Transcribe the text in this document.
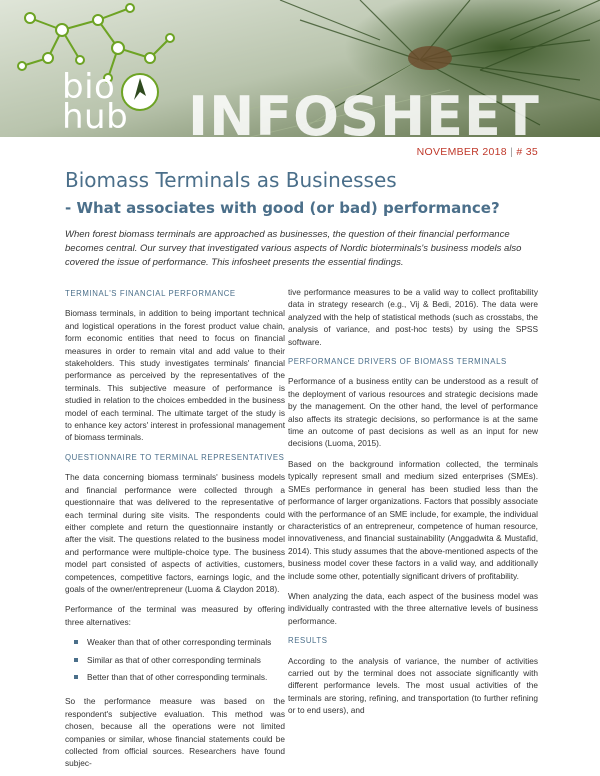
bio
hub INFOSHEET
NOVEMBER 2018 | # 35
Biomass Terminals as Businesses
- What associates with good (or bad) performance?

When forest biomass terminals are approached as businesses, the question of their financial performance becomes central. Our survey that investigated various aspects of Nordic bioterminals's business models also covered the issue of performance. This infosheet presents the essential findings.

TERMINAL'S FINANCIAL PERFORMANCE

Biomass terminals, in addition to being important technical and logistical operations in the forest product value chain, form economic entities that need to focus on financial measures in order to remain vital and add value to their stakeholders. This study investigates terminals' financial performance as perceived by the representatives of the terminals. This subjective measure of performance is studied in relation to the choices embedded in the business model of each terminal. The ultimate target of the study is to enhance key actors' interest in professional management of biomass terminals.

QUESTIONNAIRE TO TERMINAL REPRESENTATIVES

The data concerning biomass terminals' business models and financial performance were collected through a questionnaire that was delivered to the representative of each terminal during site visits. The respondents could either complete and return the questionnaire instantly or after the visit. The questions related to the business model and performance were multiple-choice type. The business model part consisted of aspects of activities, customers, competences, competitive factors, earnings logic, and the goals of the owner/entrepreneur (Luoma & Claydon 2018).

Performance of the terminal was measured by offering three alternatives:

Weaker than that of other corresponding terminals
Similar as that of other corresponding terminals
Better than that of other corresponding terminals.

So the performance measure was based on the respondent's subjective evaluation. This method was chosen, because all the operations were not limited companies or similar, whose financial statements could be collected from official sources. Researchers have found subjec-

tive performance measures to be a valid way to collect profitability data in strategy research (e.g., Vij & Bedi, 2016). The data were analyzed with the help of statistical methods (such as crosstabs, the analysis of variance, and post-hoc tests) by using the SPSS software.

PERFORMANCE DRIVERS OF BIOMASS TERMINALS

Performance of a business entity can be understood as a result of the deployment of various resources and strategic decisions made by the management. On the other hand, the level of performance also affects its strategic decisions, so performance is at the same time an outcome of past decisions as well as an input for new decisions (Luoma, 2015).

Based on the background information collected, the terminals typically represent small and medium sized enterprises (SMEs). SMEs performance in general has been studied less than the performance of larger organizations. Factors that possibly associate with the performance of an SME include, for example, the individual characteristics of an entrepreneur, competence of human resource, innovativeness, and financial sustainability (Anggadwita & Mustafid, 2014). This study assumes that the above-mentioned aspects of the business model cover these factors in a valid way, and additionally include some other, potentially significant drivers of profitability.

When analyzing the data, each aspect of the business model was individually contrasted with the three alternative levels of business performance.

RESULTS

According to the analysis of variance, the number of activities carried out by the terminal does not associate significantly with different performance levels. The most usual activities of the terminals are storing, refining, and transportation (to further refining or to end users), and
